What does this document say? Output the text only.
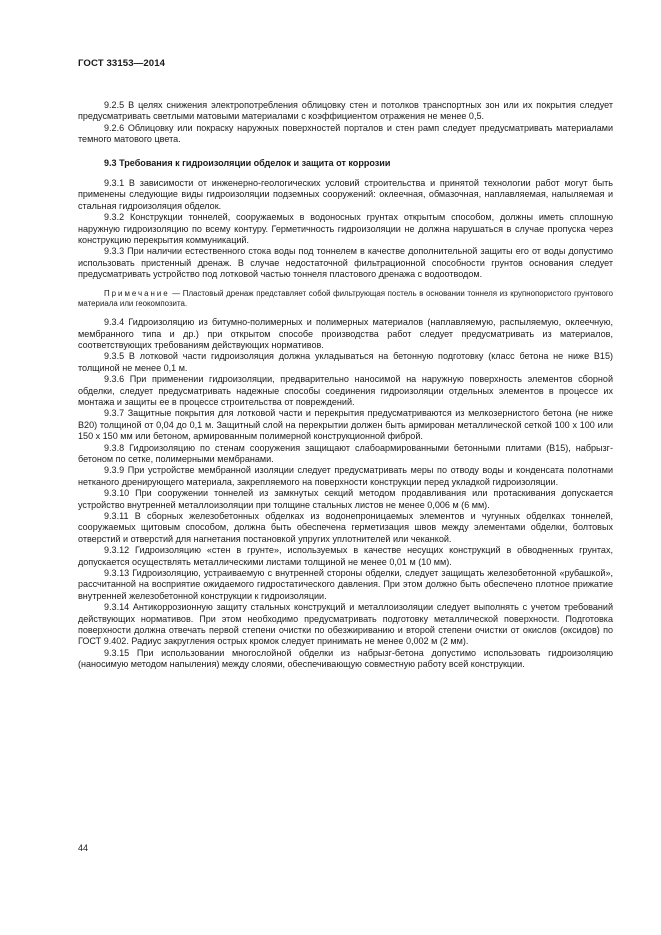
ГОСТ 33153—2014

9.2.5 В целях снижения электропотребления облицовку стен и потолков транспортных зон или их покрытия следует предусматривать светлыми матовыми материалами с коэффициентом отражения не менее 0,5.

9.2.6 Облицовку или покраску наружных поверхностей порталов и стен рамп следует предусматривать материалами темного матового цвета.

9.3 Требования к гидроизоляции обделок и защита от коррозии

9.3.1 В зависимости от инженерно-геологических условий строительства и принятой технологии работ могут быть применены следующие виды гидроизоляции подземных сооружений: оклеечная, обмазочная, наплавляемая, напыляемая и стальная гидроизоляция обделок.

9.3.2 Конструкции тоннелей, сооружаемых в водоносных грунтах открытым способом, должны иметь сплошную наружную гидроизоляцию по всему контуру. Герметичность гидроизоляции не должна нарушаться в случае пропуска через конструкцию перекрытия коммуникаций.

9.3.3 При наличии естественного стока воды под тоннелем в качестве дополнительной защиты его от воды допустимо использовать пристенный дренаж. В случае недостаточной фильтрационной способности грунтов основания следует предусматривать устройство под лотковой частью тоннеля пластового дренажа с водоотводом.

Примечание — Пластовый дренаж представляет собой фильтрующая постель в основании тоннеля из крупнопористого грунтового материала или геокомпозита.

9.3.4 Гидроизоляцию из битумно-полимерных и полимерных материалов (наплавляемую, распыляемую, оклеечную, мембранного типа и др.) при открытом способе производства работ следует предусматривать из материалов, соответствующих требованиям действующих нормативов.

9.3.5 В лотковой части гидроизоляция должна укладываться на бетонную подготовку (класс бетона не ниже В15) толщиной не менее 0,1 м.

9.3.6 При применении гидроизоляции, предварительно наносимой на наружную поверхность элементов сборной обделки, следует предусматривать надежные способы соединения гидроизоляции отдельных элементов в процессе их монтажа и защиты ее в процессе строительства от повреждений.

9.3.7 Защитные покрытия для лотковой части и перекрытия предусматриваются из мелкозернистого бетона (не ниже В20) толщиной от 0,04 до 0,1 м. Защитный слой на перекрытии должен быть армирован металлической сеткой 100 х 100 или 150 х 150 мм или бетоном, армированным полимерной конструкционной фиброй.

9.3.8 Гидроизоляцию по стенам сооружения защищают слабоармированными бетонными плитами (В15), набрызг-бетоном по сетке, полимерными мембранами.

9.3.9 При устройстве мембранной изоляции следует предусматривать меры по отводу воды и конденсата полотнами нетканого дренирующего материала, закрепляемого на поверхности конструкции перед укладкой гидроизоляции.

9.3.10 При сооружении тоннелей из замкнутых секций методом продавливания или протаскивания допускается устройство внутренней металлоизоляции при толщине стальных листов не менее 0,006 м (6 мм).

9.3.11 В сборных железобетонных обделках из водонепроницаемых элементов и чугунных обделках тоннелей, сооружаемых щитовым способом, должна быть обеспечена герметизация швов между элементами обделки, болтовых отверстий и отверстий для нагнетания постановкой упругих уплотнителей или чеканкой.

9.3.12 Гидроизоляцию «стен в грунте», используемых в качестве несущих конструкций в обводненных грунтах, допускается осуществлять металлическими листами толщиной не менее 0,01 м (10 мм).

9.3.13 Гидроизоляцию, устраиваемую с внутренней стороны обделки, следует защищать железобетонной «рубашкой», рассчитанной на восприятие ожидаемого гидростатического давления. При этом должно быть обеспечено плотное прижатие внутренней железобетонной конструкции к гидроизоляции.

9.3.14 Антикоррозионную защиту стальных конструкций и металлоизоляции следует выполнять с учетом требований действующих нормативов. При этом необходимо предусматривать подготовку металлической поверхности. Подготовка поверхности должна отвечать первой степени очистки по обезжириванию и второй степени очистки от окислов (оксидов) по ГОСТ 9.402. Радиус закругления острых кромок следует принимать не менее 0,002 м (2 мм).

9.3.15 При использовании многослойной обделки из набрызг-бетона допустимо использовать гидроизоляцию (наносимую методом напыления) между слоями, обеспечивающую совместную работу всей конструкции.

44
